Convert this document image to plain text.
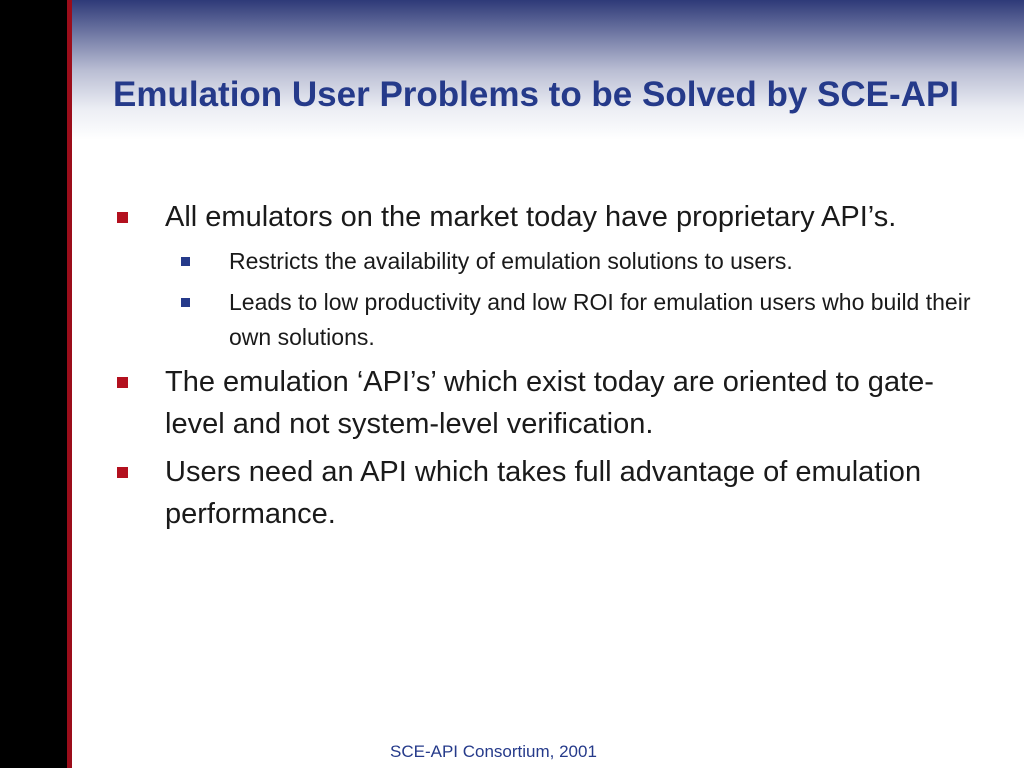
Emulation User Problems to be Solved by SCE-API
All emulators on the market today have proprietary API’s.
Restricts the availability of emulation solutions to users.
Leads to low productivity and low ROI for emulation users who build their own solutions.
The emulation ‘API’s’ which exist today are oriented to gate-level and not system-level verification.
Users need an API which takes full advantage of emulation performance.
SCE-API Consortium, 2001
